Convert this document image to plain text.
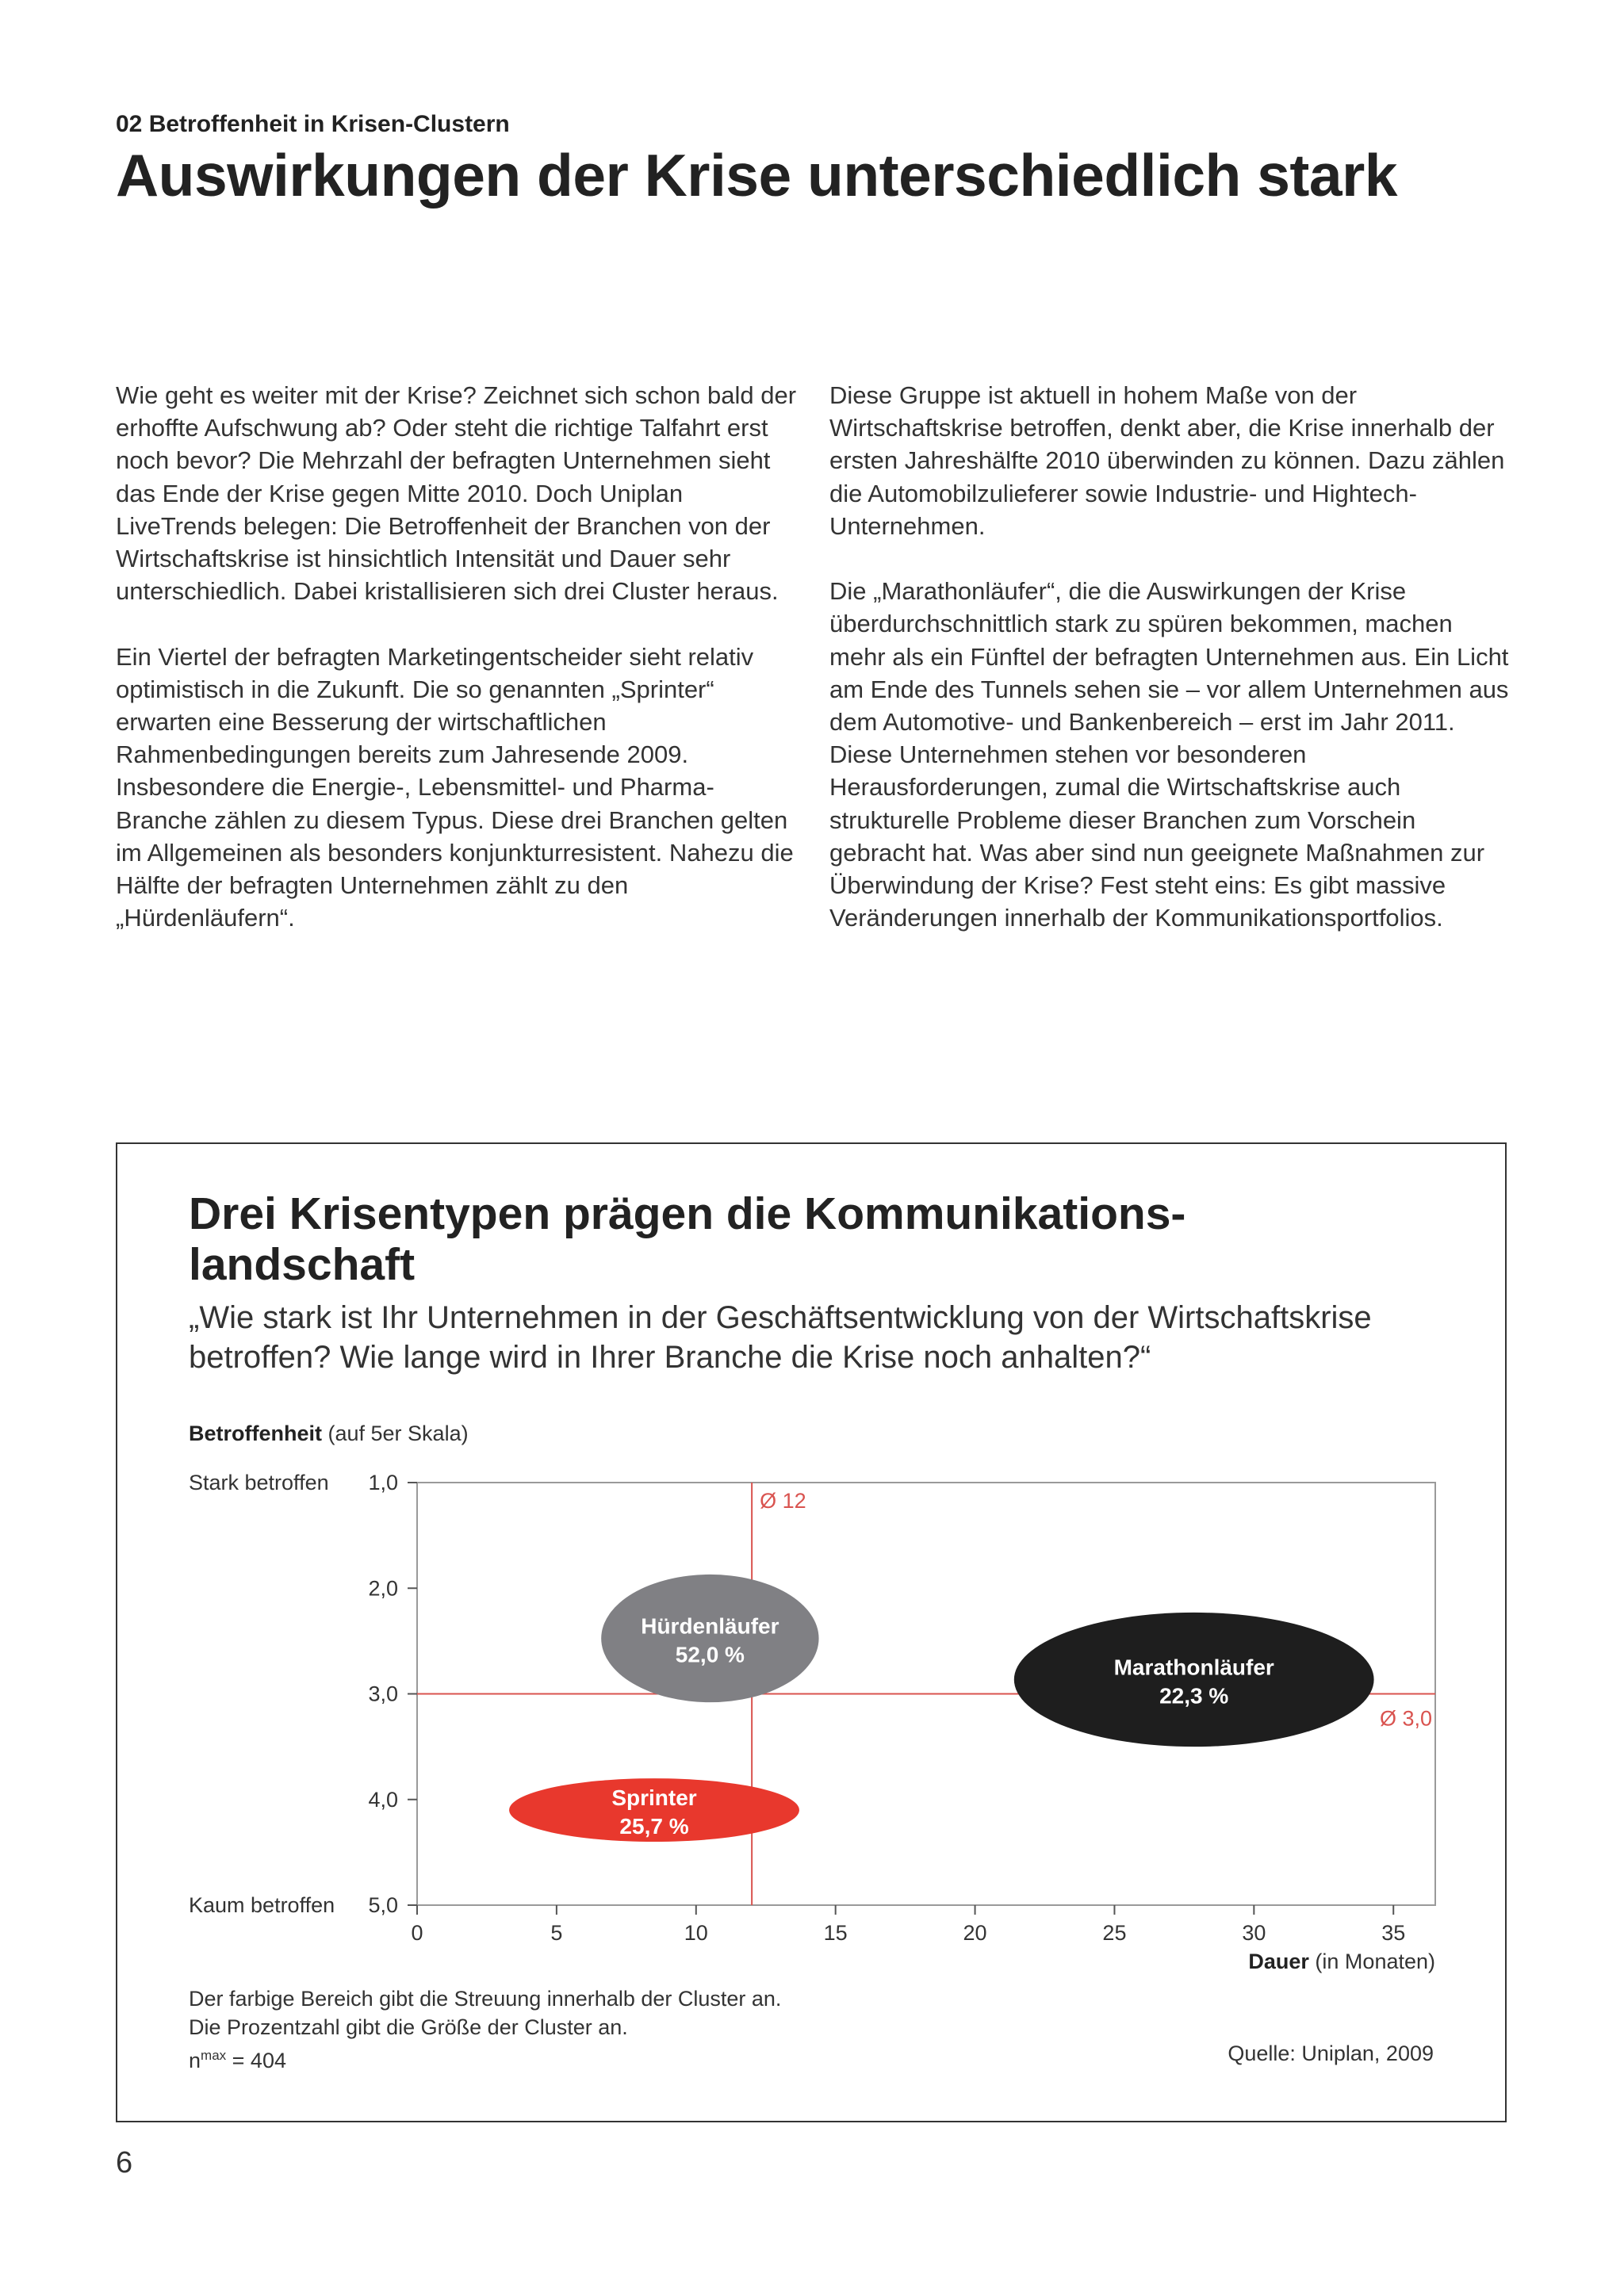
02 Betroffenheit in Krisen-Clustern
Auswirkungen der Krise unterschiedlich stark

Wie geht es weiter mit der Krise? Zeichnet sich schon bald der erhoffte Aufschwung ab? Oder steht die richtige Talfahrt erst noch bevor? Die Mehrzahl der befragten Unternehmen sieht das Ende der Krise gegen Mitte 2010. Doch Uniplan LiveTrends belegen: Die Betroffenheit der Branchen von der Wirtschaftskrise ist hinsichtlich Intensität und Dauer sehr unterschiedlich. Dabei kristallisieren sich drei Cluster heraus.

Ein Viertel der befragten Marketingentscheider sieht relativ optimistisch in die Zukunft. Die so genannten „Sprinter“ erwarten eine Besserung der wirtschaftlichen Rahmenbedingungen bereits zum Jahresende 2009. Insbesondere die Energie-, Lebensmittel- und Pharma-Branche zählen zu diesem Typus. Diese drei Branchen gelten im Allgemeinen als besonders konjunkturresistent. Nahezu die Hälfte der befragten Unternehmen zählt zu den „Hürdenläufern“.

Diese Gruppe ist aktuell in hohem Maße von der Wirtschaftskrise betroffen, denkt aber, die Krise innerhalb der ersten Jahreshälfte 2010 überwinden zu können. Dazu zählen die Automobilzulieferer sowie Industrie- und Hightech-Unternehmen.

Die „Marathonläufer“, die die Auswirkungen der Krise überdurchschnittlich stark zu spüren bekommen, machen mehr als ein Fünftel der befragten Unternehmen aus. Ein Licht am Ende des Tunnels sehen sie – vor allem Unternehmen aus dem Automotive- und Bankenbereich – erst im Jahr 2011. Diese Unternehmen stehen vor besonderen Herausforderungen, zumal die Wirtschaftskrise auch strukturelle Probleme dieser Branchen zum Vorschein gebracht hat. Was aber sind nun geeignete Maßnahmen zur Überwindung der Krise? Fest steht eins: Es gibt massive Veränderungen innerhalb der Kommunikationsportfolios.

Drei Krisentypen prägen die Kommunikations-landschaft

„Wie stark ist Ihr Unternehmen in der Geschäftsentwicklung von der Wirtschaftskrise betroffen? Wie lange wird in Ihrer Branche die Krise noch anhalten?“

Betroffenheit (auf 5er Skala)
1,0
2,0
3,0
4,0
5,0
Stark betroffen
Kaum betroffen
0	5	10	15	20	25	30	35
Dauer (in Monaten)
Ø 12
Ø 3,0
Hürdenläufer
52,0 %
Marathonläufer
22,3 %
Sprinter
25,7 %
Der farbige Bereich gibt die Streuung innerhalb der Cluster an.
Die Prozentzahl gibt die Größe der Cluster an.
$n^{max} = 404$	Quelle: Uniplan, 2009
6
